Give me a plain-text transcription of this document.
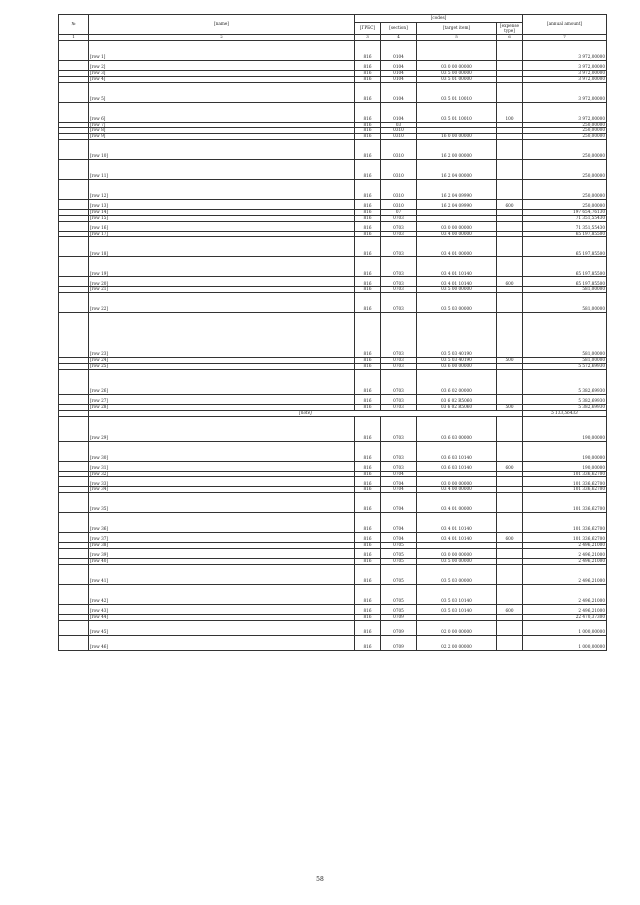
№	[name]	[codes]				[annual amount]
		[ГРБС]	[section]	[target item]	[expense type]	
1	2	3	4	5	6	7
	[row 1]	816	0104			3 972,00000
	[row 2]	816	0104	03 0 00 00000		3 972,00000
	[row 3]	816	0104	03 5 00 00000		3 972,00000
	[row 4]	816	0104	03 5 01 00000		3 972,00000
	[row 5]	816	0104	03 5 01 10010		3 972,00000
	[row 6]	816	0104	03 5 01 10010	100	3 972,00000
	[row 7]	816	03			250,00000
	[row 8]	816	0310			250,00000
	[row 9]	816	0310	16 0 00 00000		250,00000
	[row 10]	816	0310	16 2 00 00000		250,00000
	[row 11]	816	0310	16 2 04 00000		250,00000
	[row 12]	816	0310	16 2 04 09990		250,00000
	[row 13]	816	0310	16 2 04 09990	600	250,00000
	[row 14]	816	07			197 654,76130
	[row 15]	816	0703			71 351,55430
	[row 16]	816	0703	03 0 00 00000		71 351,55430
	[row 17]	816	0703	03 4 00 00000		65 197,85500
	[row 18]	816	0703	03 4 01 00000		65 197,85500
	[row 19]	816	0703	03 4 01 10140		65 197,85500
	[row 20]	816	0703	03 4 01 10140	600	65 197,85500
	[row 21]	816	0703	03 5 00 00000		581,00000
	[row 22]	816	0703	03 5 03 00000		581,00000
	[row 23]	816	0703	03 5 03 40190		581,00000
	[row 24]	816	0703	03 5 03 40190	500	581,00000
	[row 25]	816	0703	03 6 00 00000		5 572,69930
	[row 26]	816	0703	03 6 02 00000		5 382,69930
	[row 27]	816	0703	03 6 02 R5060		5 382,69930
	[row 28]	816	0703	03 6 02 R5060	500	5 382,69930
	[note]					5 113,56433
	[row 29]	816	0703	03 6 03 00000		190,00000
	[row 30]	816	0703	03 6 03 10140		190,00000
	[row 31]	816	0703	03 6 03 10140	600	190,00000
	[row 32]	816	0704			101 336,62700
	[row 33]	816	0704	03 0 00 00000		101 336,62700
	[row 34]	816	0704	03 4 00 00000		101 336,62700
	[row 35]	816	0704	03 4 01 00000		101 336,62700
	[row 36]	816	0704	03 4 01 10140		101 336,62700
	[row 37]	816	0704	03 4 01 10140	600	101 336,62700
	[row 38]	816	0705			2 496,21000
	[row 39]	816	0705	03 0 00 00000		2 496,21000
	[row 40]	816	0705	03 5 00 00000		2 496,21000
	[row 41]	816	0705	03 5 03 00000		2 496,21000
	[row 42]	816	0705	03 5 03 10140		2 496,21000
	[row 43]	816	0705	03 5 03 10140	600	2 496,21000
	[row 44]	816	0709			22 470,37300
	[row 45]	816	0709	02 0 00 00000		1 000,00000
	[row 46]	816	0709	02 2 00 00000		1 000,00000
58
